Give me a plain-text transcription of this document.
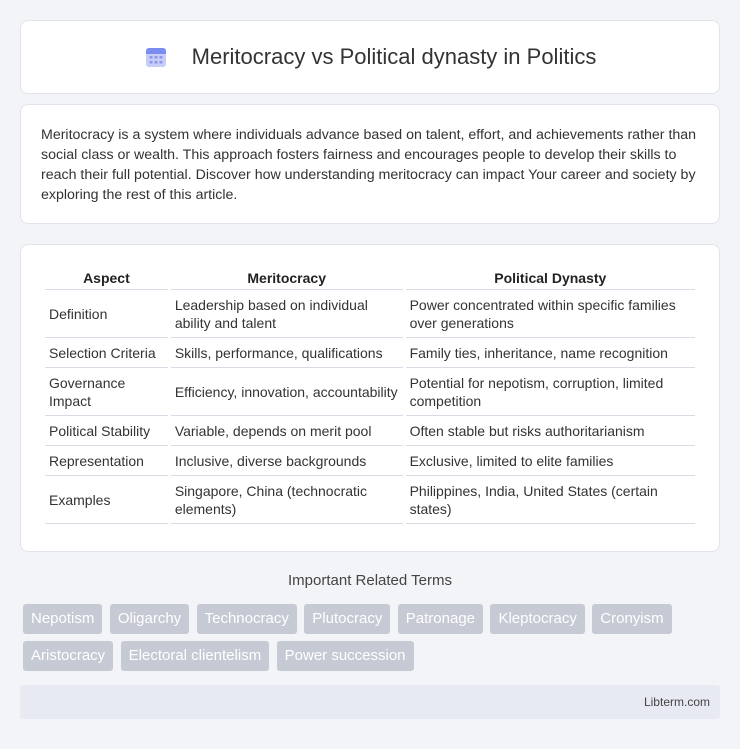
Meritocracy vs Political dynasty in Politics

Meritocracy is a system where individuals advance based on talent, effort, and achievements rather than social class or wealth. This approach fosters fairness and encourages people to develop their skills to reach their full potential. Discover how understanding meritocracy can impact Your career and society by exploring the rest of this article.

Aspect	Meritocracy	Political Dynasty
Definition	Leadership based on individual ability and talent	Power concentrated within specific families over generations
Selection Criteria	Skills, performance, qualifications	Family ties, inheritance, name recognition
Governance Impact	Efficiency, innovation, accountability	Potential for nepotism, corruption, limited competition
Political Stability	Variable, depends on merit pool	Often stable but risks authoritarianism
Representation	Inclusive, diverse backgrounds	Exclusive, limited to elite families
Examples	Singapore, China (technocratic elements)	Philippines, India, United States (certain states)
Important Related Terms
Nepotism Oligarchy Technocracy Plutocracy Patronage Kleptocracy Cronyism Aristocracy Electoral clientelism Power succession
Libterm.com
